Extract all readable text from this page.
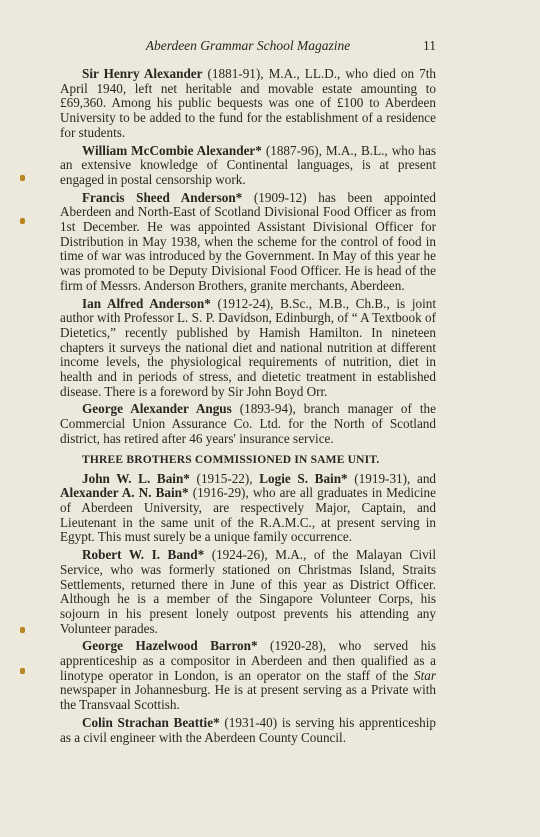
Aberdeen Grammar School Magazine	11

Sir Henry Alexander (1881-91), M.A., LL.D., who died on 7th April 1940, left net heritable and movable estate amounting to £69,360. Among his public bequests was one of £100 to Aberdeen University to be added to the fund for the establishment of a residence for students.

William McCombie Alexander* (1887-96), M.A., B.L., who has an extensive knowledge of Continental languages, is at present engaged in postal censorship work.

Francis Sheed Anderson* (1909-12) has been appointed Aberdeen and North-East of Scotland Divisional Food Officer as from 1st December. He was appointed Assistant Divisional Officer for Distribution in May 1938, when the scheme for the control of food in time of war was introduced by the Government. In May of this year he was promoted to be Deputy Divisional Food Officer. He is head of the firm of Messrs. Anderson Brothers, granite merchants, Aberdeen.

Ian Alfred Anderson* (1912-24), B.Sc., M.B., Ch.B., is joint author with Professor L. S. P. Davidson, Edinburgh, of “ A Textbook of Dietetics,” recently published by Hamish Hamilton. In nineteen chapters it surveys the national diet and national nutrition at different income levels, the physiological requirements of nutrition, diet in health and in periods of stress, and dietetic treatment in established disease. There is a foreword by Sir John Boyd Orr.

George Alexander Angus (1893-94), branch manager of the Commercial Union Assurance Co. Ltd. for the North of Scotland district, has retired after 46 years' insurance service.

THREE BROTHERS COMMISSIONED IN SAME UNIT.

John W. L. Bain* (1915-22), Logie S. Bain* (1919-31), and Alexander A. N. Bain* (1916-29), who are all graduates in Medicine of Aberdeen University, are respectively Major, Captain, and Lieutenant in the same unit of the R.A.M.C., at present serving in Egypt. This must surely be a unique family occurrence.

Robert W. I. Band* (1924-26), M.A., of the Malayan Civil Service, who was formerly stationed on Christmas Island, Straits Settlements, returned there in June of this year as District Officer. Although he is a member of the Singapore Volunteer Corps, his sojourn in his present lonely outpost prevents his attending any Volunteer parades.

George Hazelwood Barron* (1920-28), who served his apprenticeship as a compositor in Aberdeen and then qualified as a linotype operator in London, is an operator on the staff of the Star newspaper in Johannesburg. He is at present serving as a Private with the Transvaal Scottish.

Colin Strachan Beattie* (1931-40) is serving his apprenticeship as a civil engineer with the Aberdeen County Council.
